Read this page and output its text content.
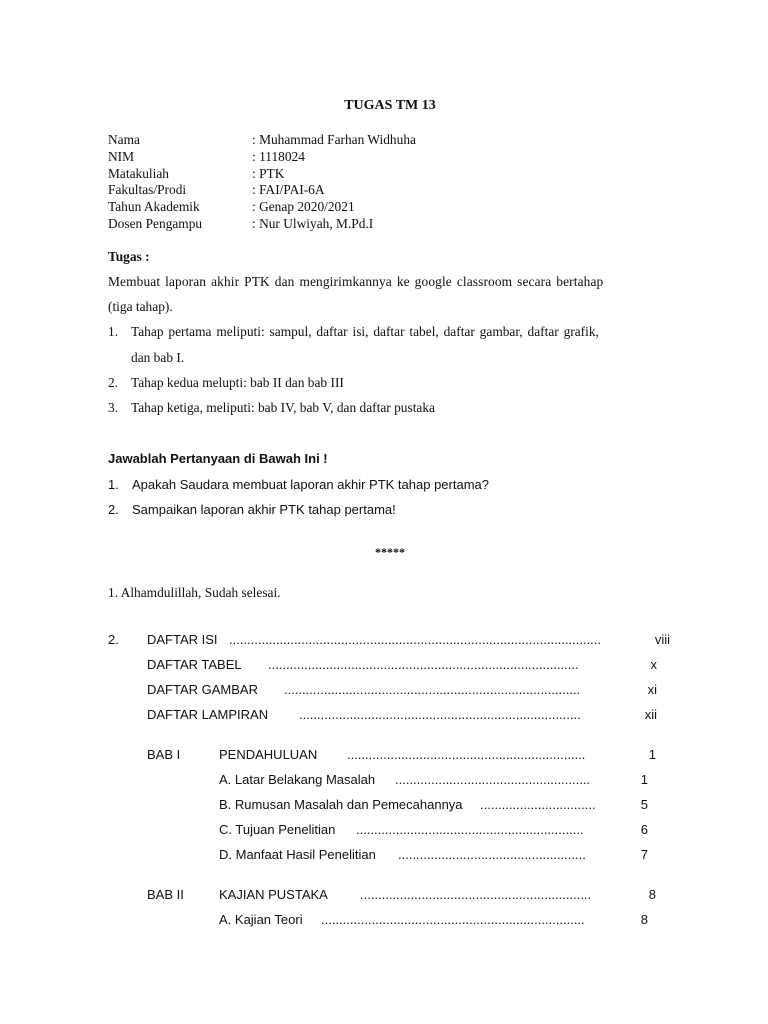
TUGAS TM 13
Nama	: Muhammad Farhan Widhuha
NIM	: 1118024
Matakuliah	: PTK
Fakultas/Prodi	: FAI/PAI-6A
Tahun Akademik	: Genap 2020/2021
Dosen Pengampu	: Nur Ulwiyah, M.Pd.I
Tugas :
Membuat laporan akhir PTK dan mengirimkannya ke google classroom secara bertahap
(tiga tahap).
1. Tahap pertama meliputi: sampul, daftar isi, daftar tabel, daftar gambar, daftar grafik,
dan bab I.
2. Tahap kedua melupti: bab II dan bab III
3. Tahap ketiga, meliputi: bab IV, bab V, dan daftar pustaka
Jawablah Pertanyaan di Bawah Ini !
1. Apakah Saudara membuat laporan akhir PTK tahap pertama?
2. Sampaikan laporan akhir PTK tahap pertama!
*****
1. Alhamdulillah, Sudah selesai.
2. DAFTAR ISI .......................................................................................................	viii
DAFTAR TABEL ......................................................................................	x
DAFTAR GAMBAR ..................................................................................	xi
DAFTAR LAMPIRAN ..............................................................................	xii
BAB I	PENDAHULUAN ..................................................................	1
A. Latar Belakang Masalah ......................................................	1
B. Rumusan Masalah dan Pemecahannya ................................	5
C. Tujuan Penelitian ...............................................................	6
D. Manfaat Hasil Penelitian ....................................................	7
BAB II	KAJIAN PUSTAKA ................................................................	8
A. Kajian Teori .........................................................................	8
